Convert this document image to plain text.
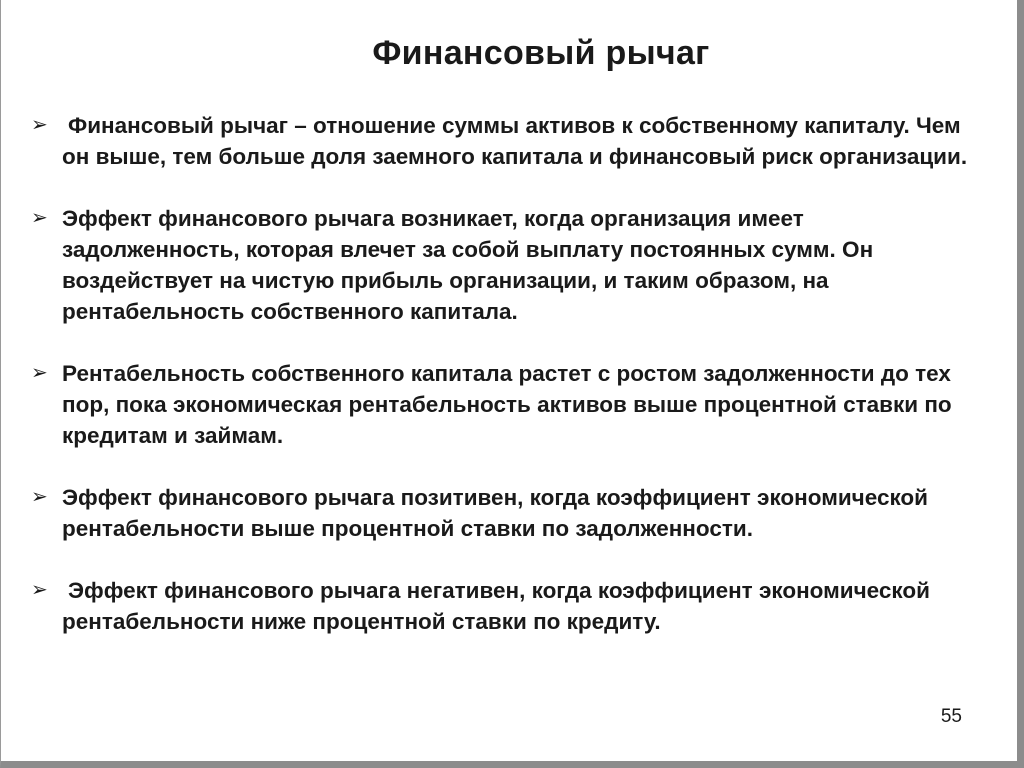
Финансовый рычаг
➢ Финансовый рычаг – отношение суммы активов к собственному капиталу. Чем он выше, тем больше доля заемного капитала и финансовый риск организации.
➢ Эффект финансового рычага возникает, когда организация имеет задолженность, которая влечет за собой выплату постоянных сумм. Он воздействует на чистую прибыль организации, и таким образом, на рентабельность собственного капитала.
➢ Рентабельность собственного капитала растет с ростом задолженности до тех пор, пока экономическая рентабельность активов выше процентной ставки по кредитам и займам.
➢ Эффект финансового рычага позитивен, когда коэффициент экономической рентабельности выше процентной ставки по задолженности.
➢ Эффект финансового рычага негативен, когда коэффициент экономической рентабельности ниже процентной ставки по кредиту.
55
